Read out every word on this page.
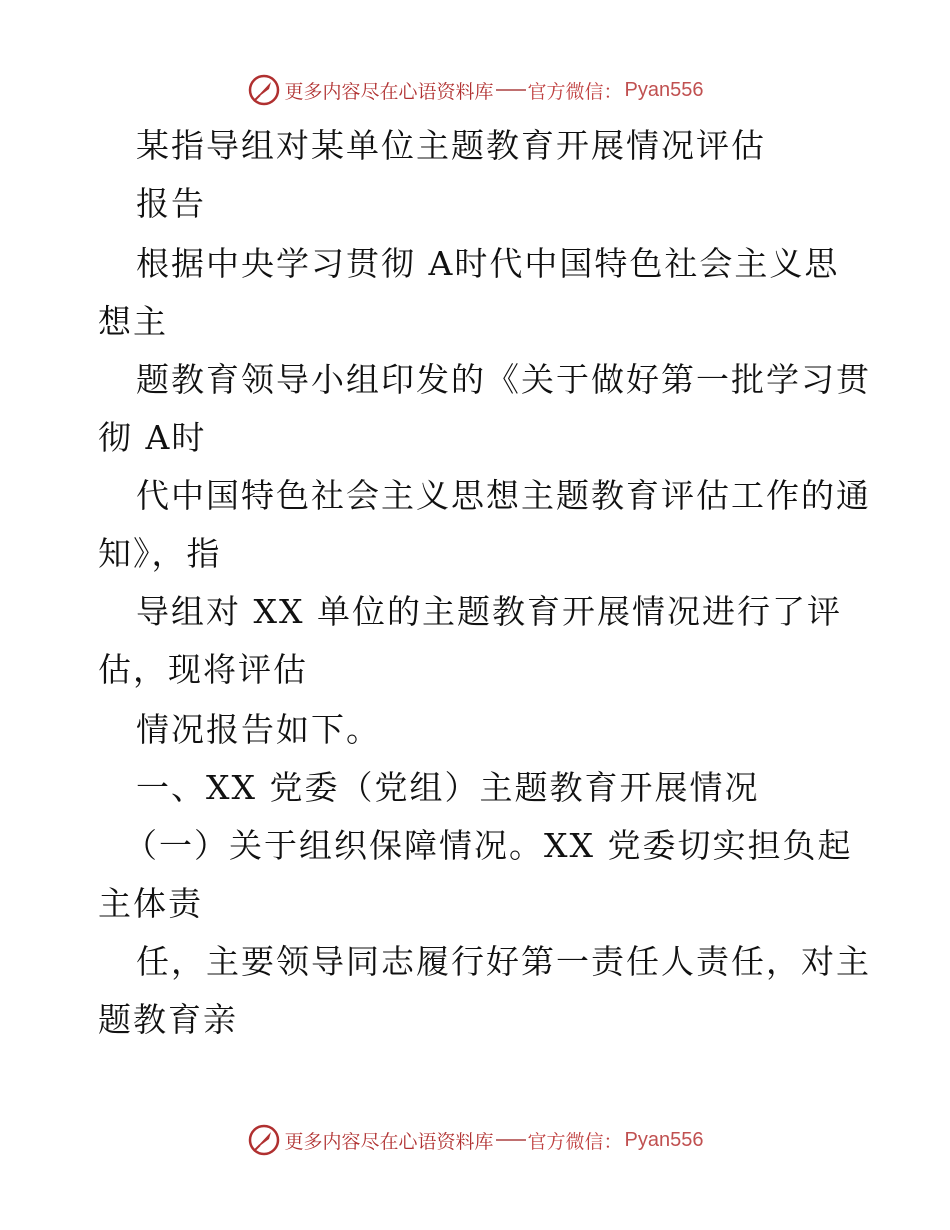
更多内容尽在心语资料库 官方微信： Pyan556
某指导组对某单位主题教育开展情况评估
报告
根据中央学习贯彻 A时代中国特色社会主义思
想主
题教育领导小组印发的《关于做好第一批学习贯
彻 A时
代中国特色社会主义思想主题教育评估工作的通
知》，指
导组对 XX 单位的主题教育开展情况进行了评
估，现将评估
情况报告如下。
一、XX 党委（党组）主题教育开展情况
（一）关于组织保障情况。XX 党委切实担负起
主体责
任，主要领导同志履行好第一责任人责任，对主
题教育亲
更多内容尽在心语资料库 官方微信： Pyan556
